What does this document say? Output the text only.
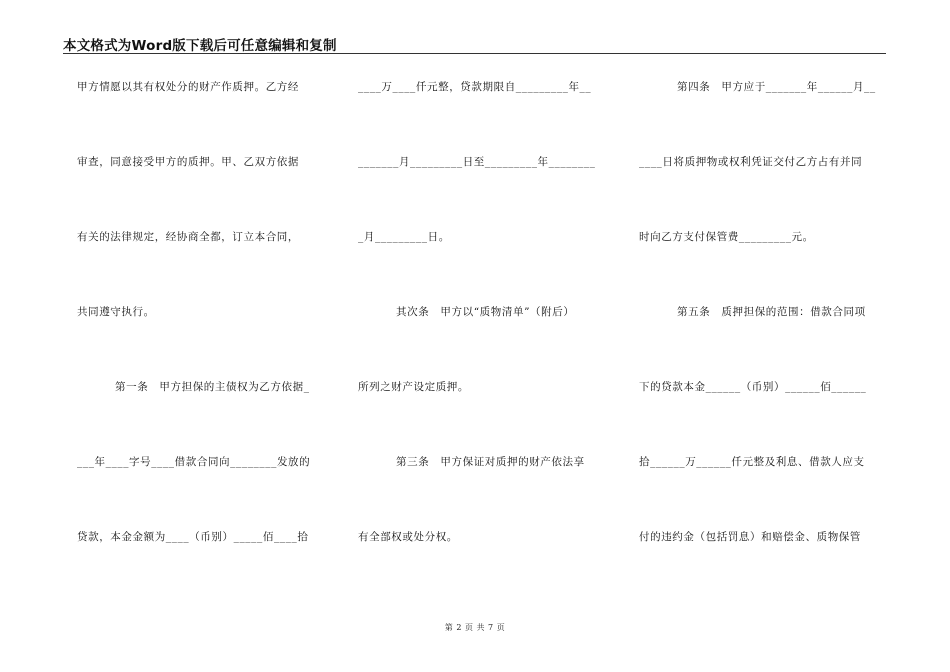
本文格式为Word版下载后可任意编辑和复制
甲方情愿以其有权处分的财产作质押。乙方经
审查，同意接受甲方的质押。甲、乙双方依据
有关的法律规定，经协商全都，订立本合同，
共同遵守执行。
第一条　甲方担保的主债权为乙方依据_
___年____字号____借款合同向________发放的
贷款，本金金额为____（币别）_____佰____拾
____万____仟元整，贷款期限自_________年__
_______月_________日至_________年________
_月_________日。
其次条　甲方以“质物清单”（附后）
所列之财产设定质押。
第三条　甲方保证对质押的财产依法享
有全部权或处分权。
第四条　甲方应于_______年______月__
____日将质押物或权利凭证交付乙方占有并同
时向乙方支付保管费_________元。
第五条　质押担保的范围：借款合同项
下的贷款本金______（币别）______佰______
拾______万______仟元整及利息、借款人应支
付的违约金（包括罚息）和赔偿金、质物保管
第 2 页 共 7 页
